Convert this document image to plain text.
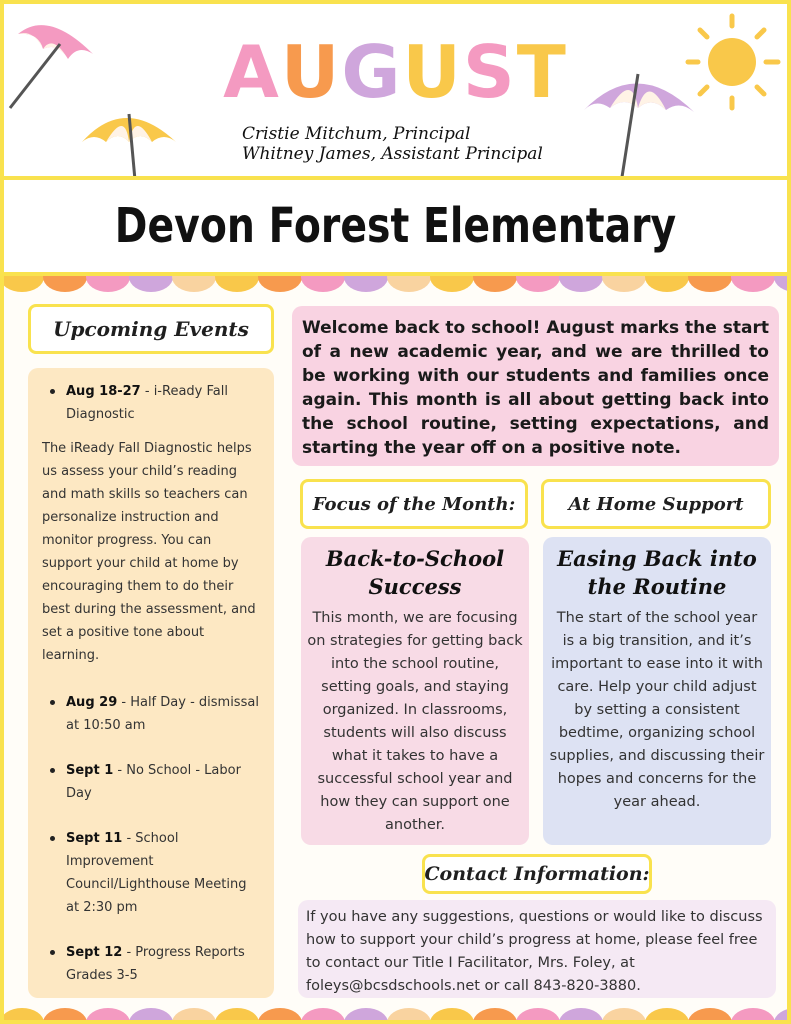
AUGUST
Cristie Mitchum, Principal
Whitney James, Assistant Principal
Devon Forest Elementary
Upcoming Events
Aug 18-27 - i-Ready Fall Diagnostic
The iReady Fall Diagnostic helps us assess your child’s reading and math skills so teachers can personalize instruction and monitor progress. You can support your child at home by encouraging them to do their best during the assessment, and set a positive tone about learning.
Aug 29 - Half Day - dismissal at 10:50 am
Sept 1 - No School - Labor Day
Sept 11 - School Improvement Council/Lighthouse Meeting at 2:30 pm
Sept 12 - Progress Reports Grades 3-5
Welcome back to school! August marks the start of a new academic year, and we are thrilled to be working with our students and families once again. This month is all about getting back into the school routine, setting expectations, and starting the year off on a positive note.
Focus of the Month:	At Home Support
Back-to-School Success

This month, we are focusing on strategies for getting back into the school routine, setting goals, and staying organized. In classrooms, students will also discuss what it takes to have a successful school year and how they can support one another.

Easing Back into the Routine

The start of the school year is a big transition, and it’s important to ease into it with care. Help your child adjust by setting a consistent bedtime, organizing school supplies, and discussing their hopes and concerns for the year ahead.

Contact Information:
If you have any suggestions, questions or would like to discuss how to support your child’s progress at home, please feel free to contact our Title I Facilitator, Mrs. Foley, at foleys@bcsdschools.net or call 843-820-3880.
